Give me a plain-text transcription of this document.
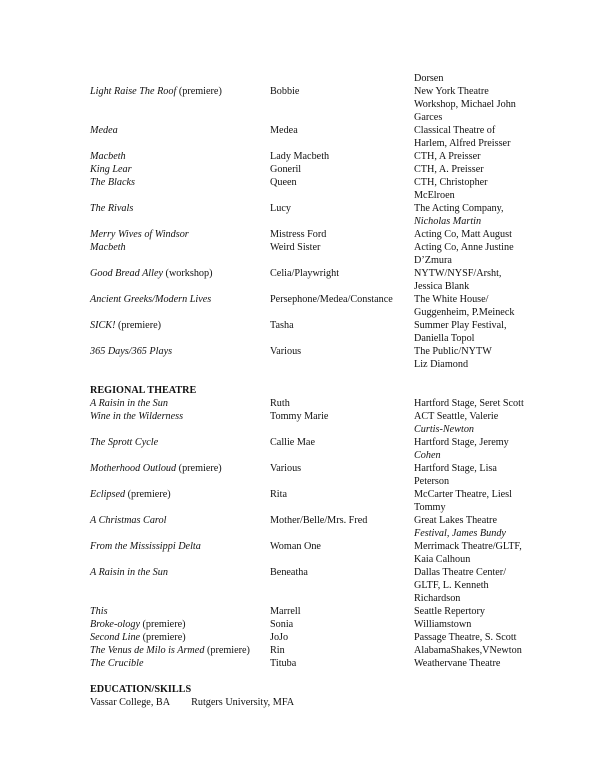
Dorsen
Light Raise The Roof (premiere)	Bobbie	New York Theatre
Workshop, Michael John
Garces
Medea	Medea	Classical Theatre of
Harlem, Alfred Preisser
Macbeth	Lady Macbeth	CTH, A Preisser
King Lear	Goneril	CTH, A. Preisser
The Blacks	Queen	CTH, Christopher
McElroen
The Rivals	Lucy	The Acting Company,
Nicholas Martin
Merry Wives of Windsor	Mistress Ford	Acting Co, Matt August
Macbeth	Weird Sister	Acting Co, Anne Justine
D’Zmura
Good Bread Alley (workshop)	Celia/Playwright	NYTW/NYSF/Arsht,
Jessica Blank
Ancient Greeks/Modern Lives	Persephone/Medea/Constance	The White House/
Guggenheim, P.Meineck
SICK! (premiere)	Tasha	Summer Play Festival,
Daniella Topol
365 Days/365 Plays	Various	The Public/NYTW
Liz Diamond
REGIONAL THEATRE
A Raisin in the Sun	Ruth	Hartford Stage, Seret Scott
Wine in the Wilderness	Tommy Marie	ACT Seattle, Valerie
Curtis-Newton
The Sprott Cycle	Callie Mae	Hartford Stage, Jeremy
Cohen
Motherhood Outloud (premiere)	Various	Hartford Stage, Lisa
Peterson
Eclipsed (premiere)	Rita	McCarter Theatre, Liesl
Tommy
A Christmas Carol	Mother/Belle/Mrs. Fred	Great Lakes Theatre
Festival, James Bundy
From the Mississippi Delta	Woman One	Merrimack Theatre/GLTF,
Kaia Calhoun
A Raisin in the Sun	Beneatha	Dallas Theatre Center/
GLTF, L. Kenneth
Richardson
This	Marrell	Seattle Repertory
Broke-ology (premiere)	Sonia	Williamstown
Second Line (premiere)	JoJo	Passage Theatre, S. Scott
The Venus de Milo is Armed (premiere)	Rin	AlabamaShakes,VNewton
The Crucible	Tituba	Weathervane Theatre
EDUCATION/SKILLS
Vassar College, BA Rutgers University, MFA
